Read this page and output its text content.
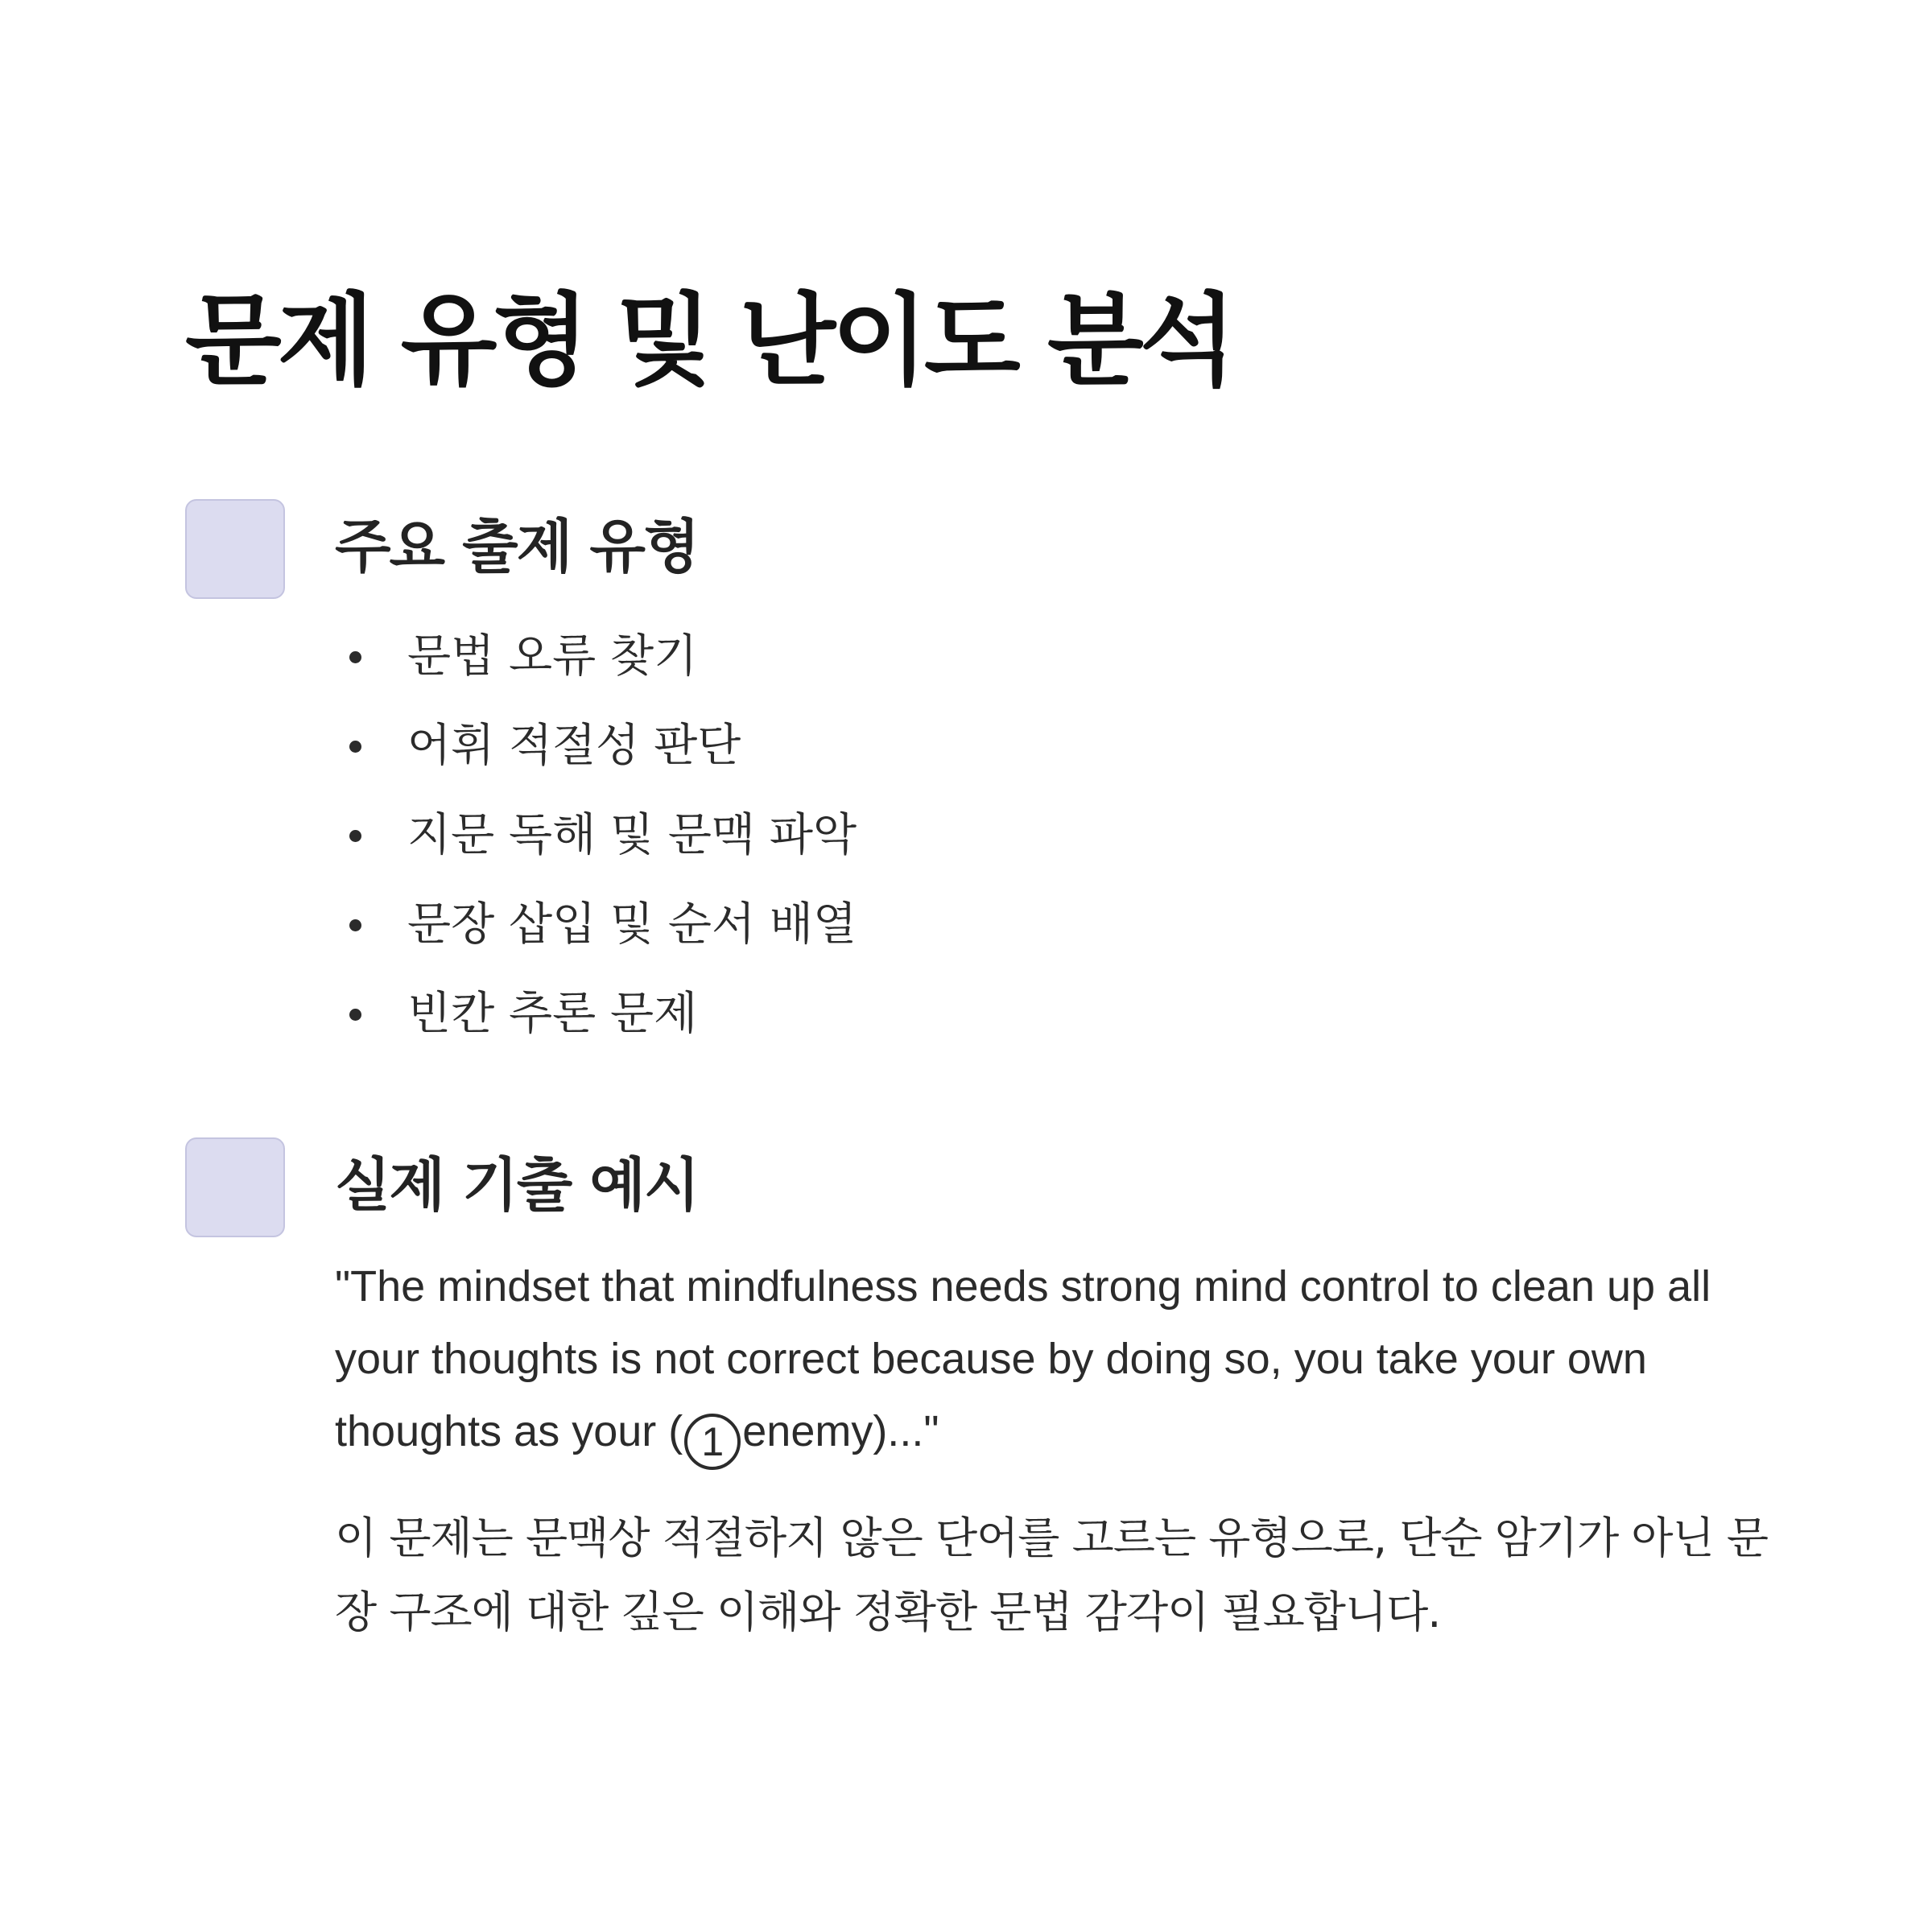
문제 유형 및 난이도 분석
주요 출제 유형
문법 오류 찾기
어휘 적절성 판단
지문 독해 및 문맥 파악
문장 삽입 및 순서 배열
빈칸 추론 문제
실제 기출 예시

"The mindset that mindfulness needs strong mind control to clean up all your thoughts is not correct because by doing so, you take your own thoughts as your ( 1 enemy)..."

이 문제는 문맥상 적절하지 않은 단어를 고르는 유형으로, 단순 암기가 아닌 문장 구조에 대한 깊은 이해와 정확한 문법 감각이 필요합니다.
